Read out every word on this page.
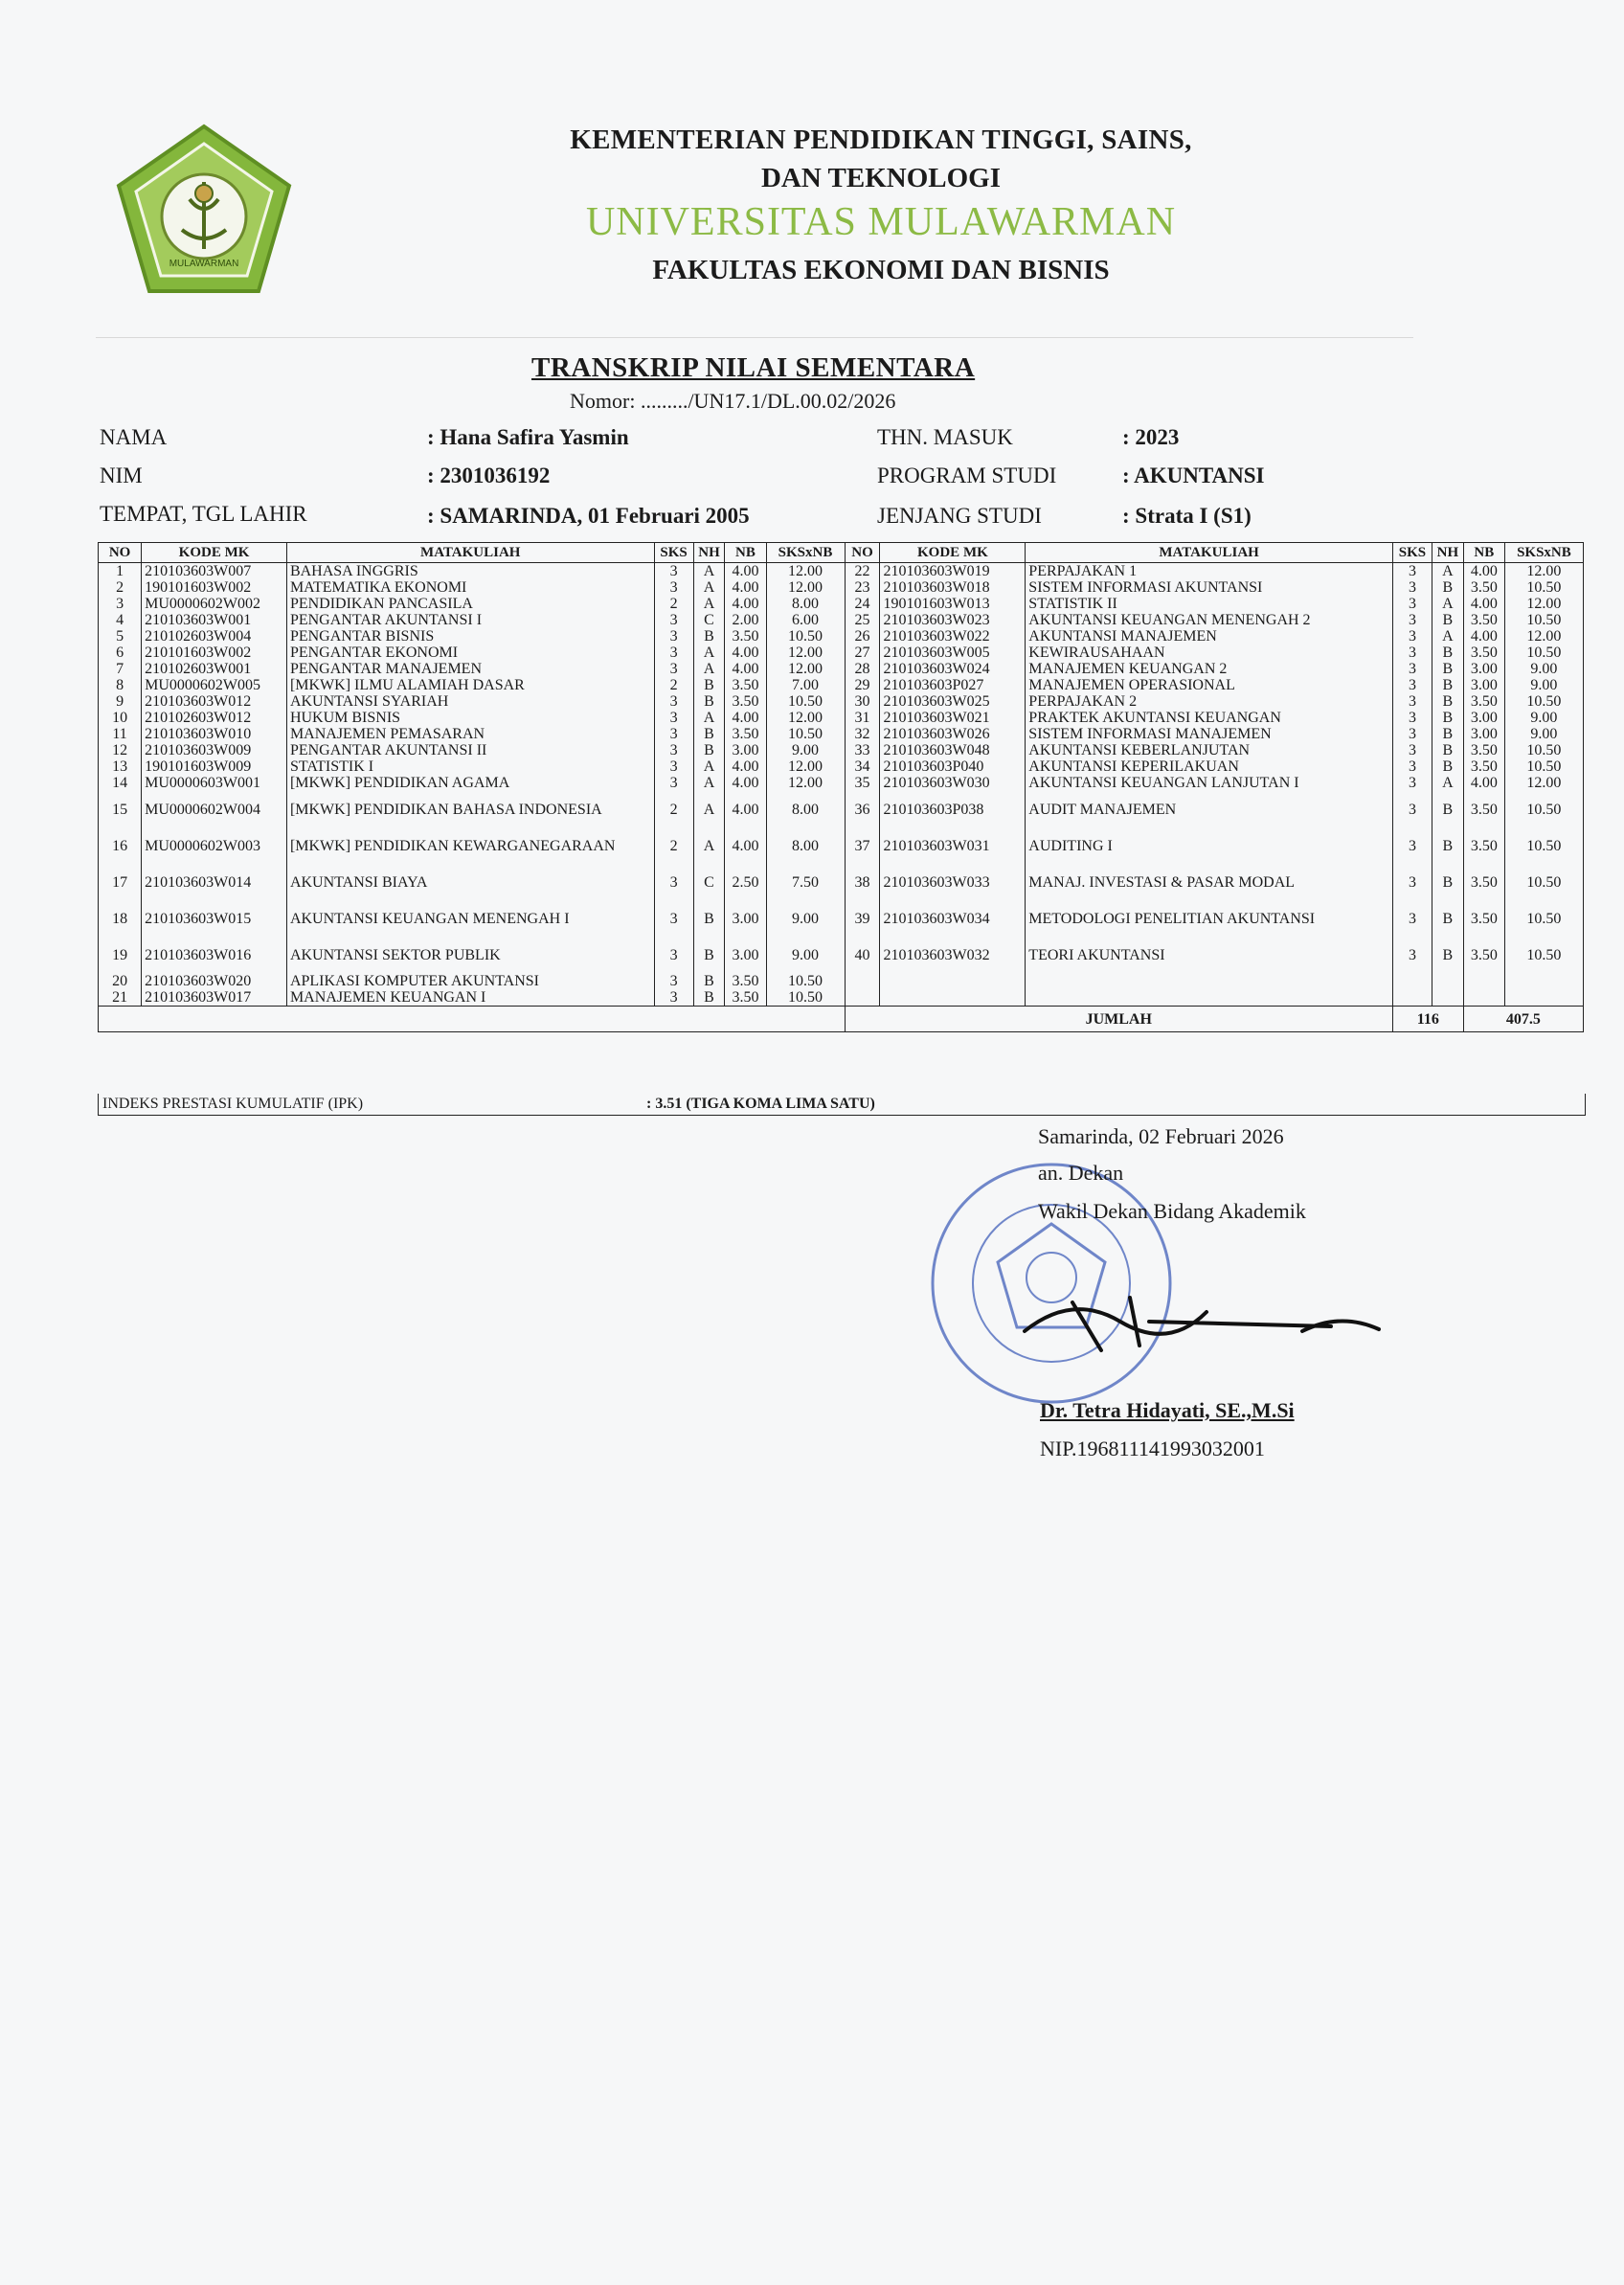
MULAWARMAN
KEMENTERIAN PENDIDIKAN TINGGI, SAINS,
DAN TEKNOLOGI
UNIVERSITAS MULAWARMAN
FAKULTAS EKONOMI DAN BISNIS
TRANSKRIP NILAI SEMENTARA
Nomor: ........./UN17.1/DL.00.02/2026
NAMA	: Hana Safira Yasmin
NIM	: 2301036192
TEMPAT, TGL LAHIR	: SAMARINDA, 01 Februari 2005
THN. MASUK	: 2023
PROGRAM STUDI	: AKUNTANSI
JENJANG STUDI	: Strata I (S1)
NO	KODE MK	MATAKULIAH	SKS	NH	NB	SKSxNB	NO	KODE MK	MATAKULIAH	SKS	NH	NB	SKSxNB
1	210103603W007	BAHASA INGGRIS	3	A	4.00	12.00	22	210103603W019	PERPAJAKAN 1	3	A	4.00	12.00
2	190101603W002	MATEMATIKA EKONOMI	3	A	4.00	12.00	23	210103603W018	SISTEM INFORMASI AKUNTANSI	3	B	3.50	10.50
3	MU0000602W002	PENDIDIKAN PANCASILA	2	A	4.00	8.00	24	190101603W013	STATISTIK II	3	A	4.00	12.00
4	210103603W001	PENGANTAR AKUNTANSI I	3	C	2.00	6.00	25	210103603W023	AKUNTANSI KEUANGAN MENENGAH 2	3	B	3.50	10.50
5	210102603W004	PENGANTAR BISNIS	3	B	3.50	10.50	26	210103603W022	AKUNTANSI MANAJEMEN	3	A	4.00	12.00
6	210101603W002	PENGANTAR EKONOMI	3	A	4.00	12.00	27	210103603W005	KEWIRAUSAHAAN	3	B	3.50	10.50
7	210102603W001	PENGANTAR MANAJEMEN	3	A	4.00	12.00	28	210103603W024	MANAJEMEN KEUANGAN 2	3	B	3.00	9.00
8	MU0000602W005	[MKWK] ILMU ALAMIAH DASAR	2	B	3.50	7.00	29	210103603P027	MANAJEMEN OPERASIONAL	3	B	3.00	9.00
9	210103603W012	AKUNTANSI SYARIAH	3	B	3.50	10.50	30	210103603W025	PERPAJAKAN 2	3	B	3.50	10.50
10	210102603W012	HUKUM BISNIS	3	A	4.00	12.00	31	210103603W021	PRAKTEK AKUNTANSI KEUANGAN	3	B	3.00	9.00
11	210103603W010	MANAJEMEN PEMASARAN	3	B	3.50	10.50	32	210103603W026	SISTEM INFORMASI MANAJEMEN	3	B	3.00	9.00
12	210103603W009	PENGANTAR AKUNTANSI II	3	B	3.00	9.00	33	210103603W048	AKUNTANSI KEBERLANJUTAN	3	B	3.50	10.50
13	190101603W009	STATISTIK I	3	A	4.00	12.00	34	210103603P040	AKUNTANSI KEPERILAKUAN	3	B	3.50	10.50
14	MU0000603W001	[MKWK] PENDIDIKAN AGAMA	3	A	4.00	12.00	35	210103603W030	AKUNTANSI KEUANGAN LANJUTAN I	3	A	4.00	12.00
15	MU0000602W004	[MKWK] PENDIDIKAN BAHASA INDONESIA	2	A	4.00	8.00	36	210103603P038	AUDIT MANAJEMEN	3	B	3.50	10.50
16	MU0000602W003	[MKWK] PENDIDIKAN KEWARGANEGARAAN	2	A	4.00	8.00	37	210103603W031	AUDITING I	3	B	3.50	10.50
17	210103603W014	AKUNTANSI BIAYA	3	C	2.50	7.50	38	210103603W033	MANAJ. INVESTASI & PASAR MODAL	3	B	3.50	10.50
18	210103603W015	AKUNTANSI KEUANGAN MENENGAH I	3	B	3.00	9.00	39	210103603W034	METODOLOGI PENELITIAN AKUNTANSI	3	B	3.50	10.50
19	210103603W016	AKUNTANSI SEKTOR PUBLIK	3	B	3.00	9.00	40	210103603W032	TEORI AKUNTANSI	3	B	3.50	10.50
20	210103603W020	APLIKASI KOMPUTER AKUNTANSI	3	B	3.50	10.50							
21	210103603W017	MANAJEMEN KEUANGAN I	3	B	3.50	10.50							
							JUMLAH			116		407.5	
INDEKS PRESTASI KUMULATIF (IPK)	: 3.51 (TIGA KOMA LIMA SATU)
Samarinda, 02 Februari 2026
an. Dekan
Wakil Dekan Bidang Akademik
Dr. Tetra Hidayati, SE.,M.Si
NIP.196811141993032001
